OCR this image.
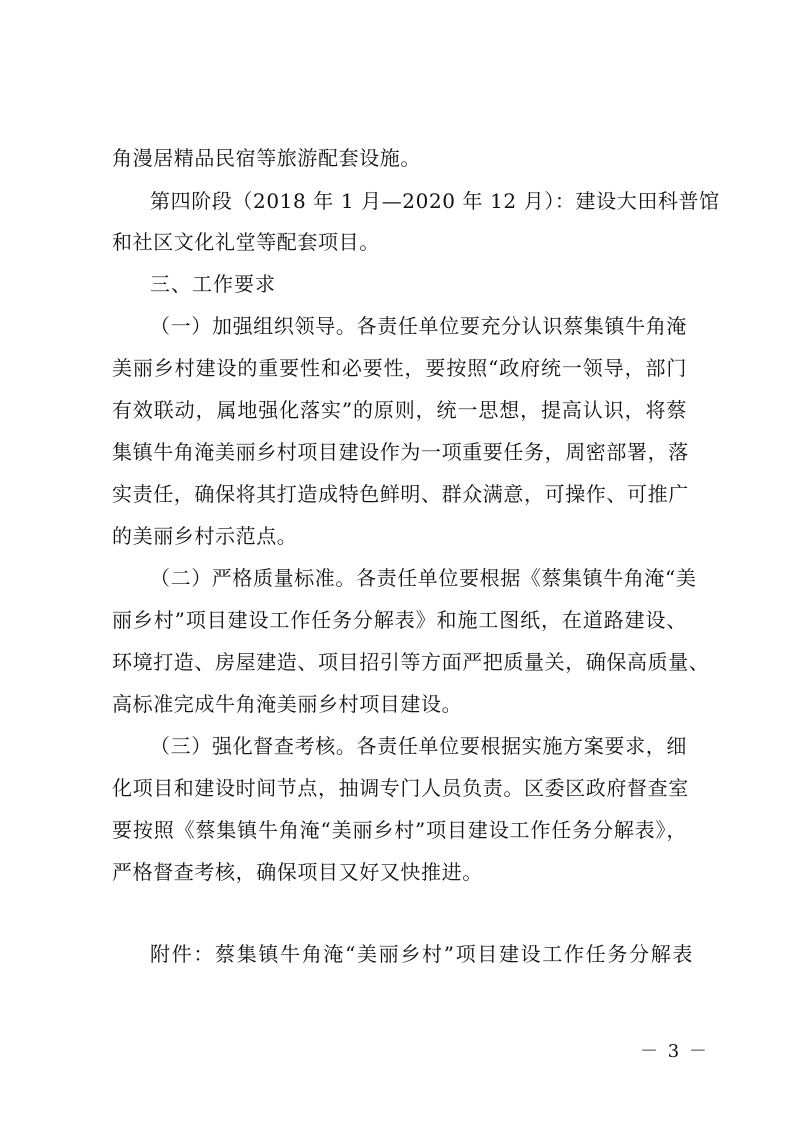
角漫居精品民宿等旅游配套设施。
第四阶段（2018 年 1 月—2020 年 12 月）：建设大田科普馆
和社区文化礼堂等配套项目。
三、工作要求
（一）加强组织领导。各责任单位要充分认识蔡集镇牛角淹
美丽乡村建设的重要性和必要性，要按照“政府统一领导，部门
有效联动，属地强化落实”的原则，统一思想，提高认识，将蔡
集镇牛角淹美丽乡村项目建设作为一项重要任务，周密部署，落
实责任，确保将其打造成特色鲜明、群众满意，可操作、可推广
的美丽乡村示范点。
（二）严格质量标准。各责任单位要根据《蔡集镇牛角淹“美
丽乡村”项目建设工作任务分解表》和施工图纸，在道路建设、
环境打造、房屋建造、项目招引等方面严把质量关，确保高质量、
高标准完成牛角淹美丽乡村项目建设。
（三）强化督查考核。各责任单位要根据实施方案要求，细
化项目和建设时间节点，抽调专门人员负责。区委区政府督查室
要按照《蔡集镇牛角淹“美丽乡村”项目建设工作任务分解表》，
严格督查考核，确保项目又好又快推进。
附件：蔡集镇牛角淹“美丽乡村”项目建设工作任务分解表
－ 3 －
